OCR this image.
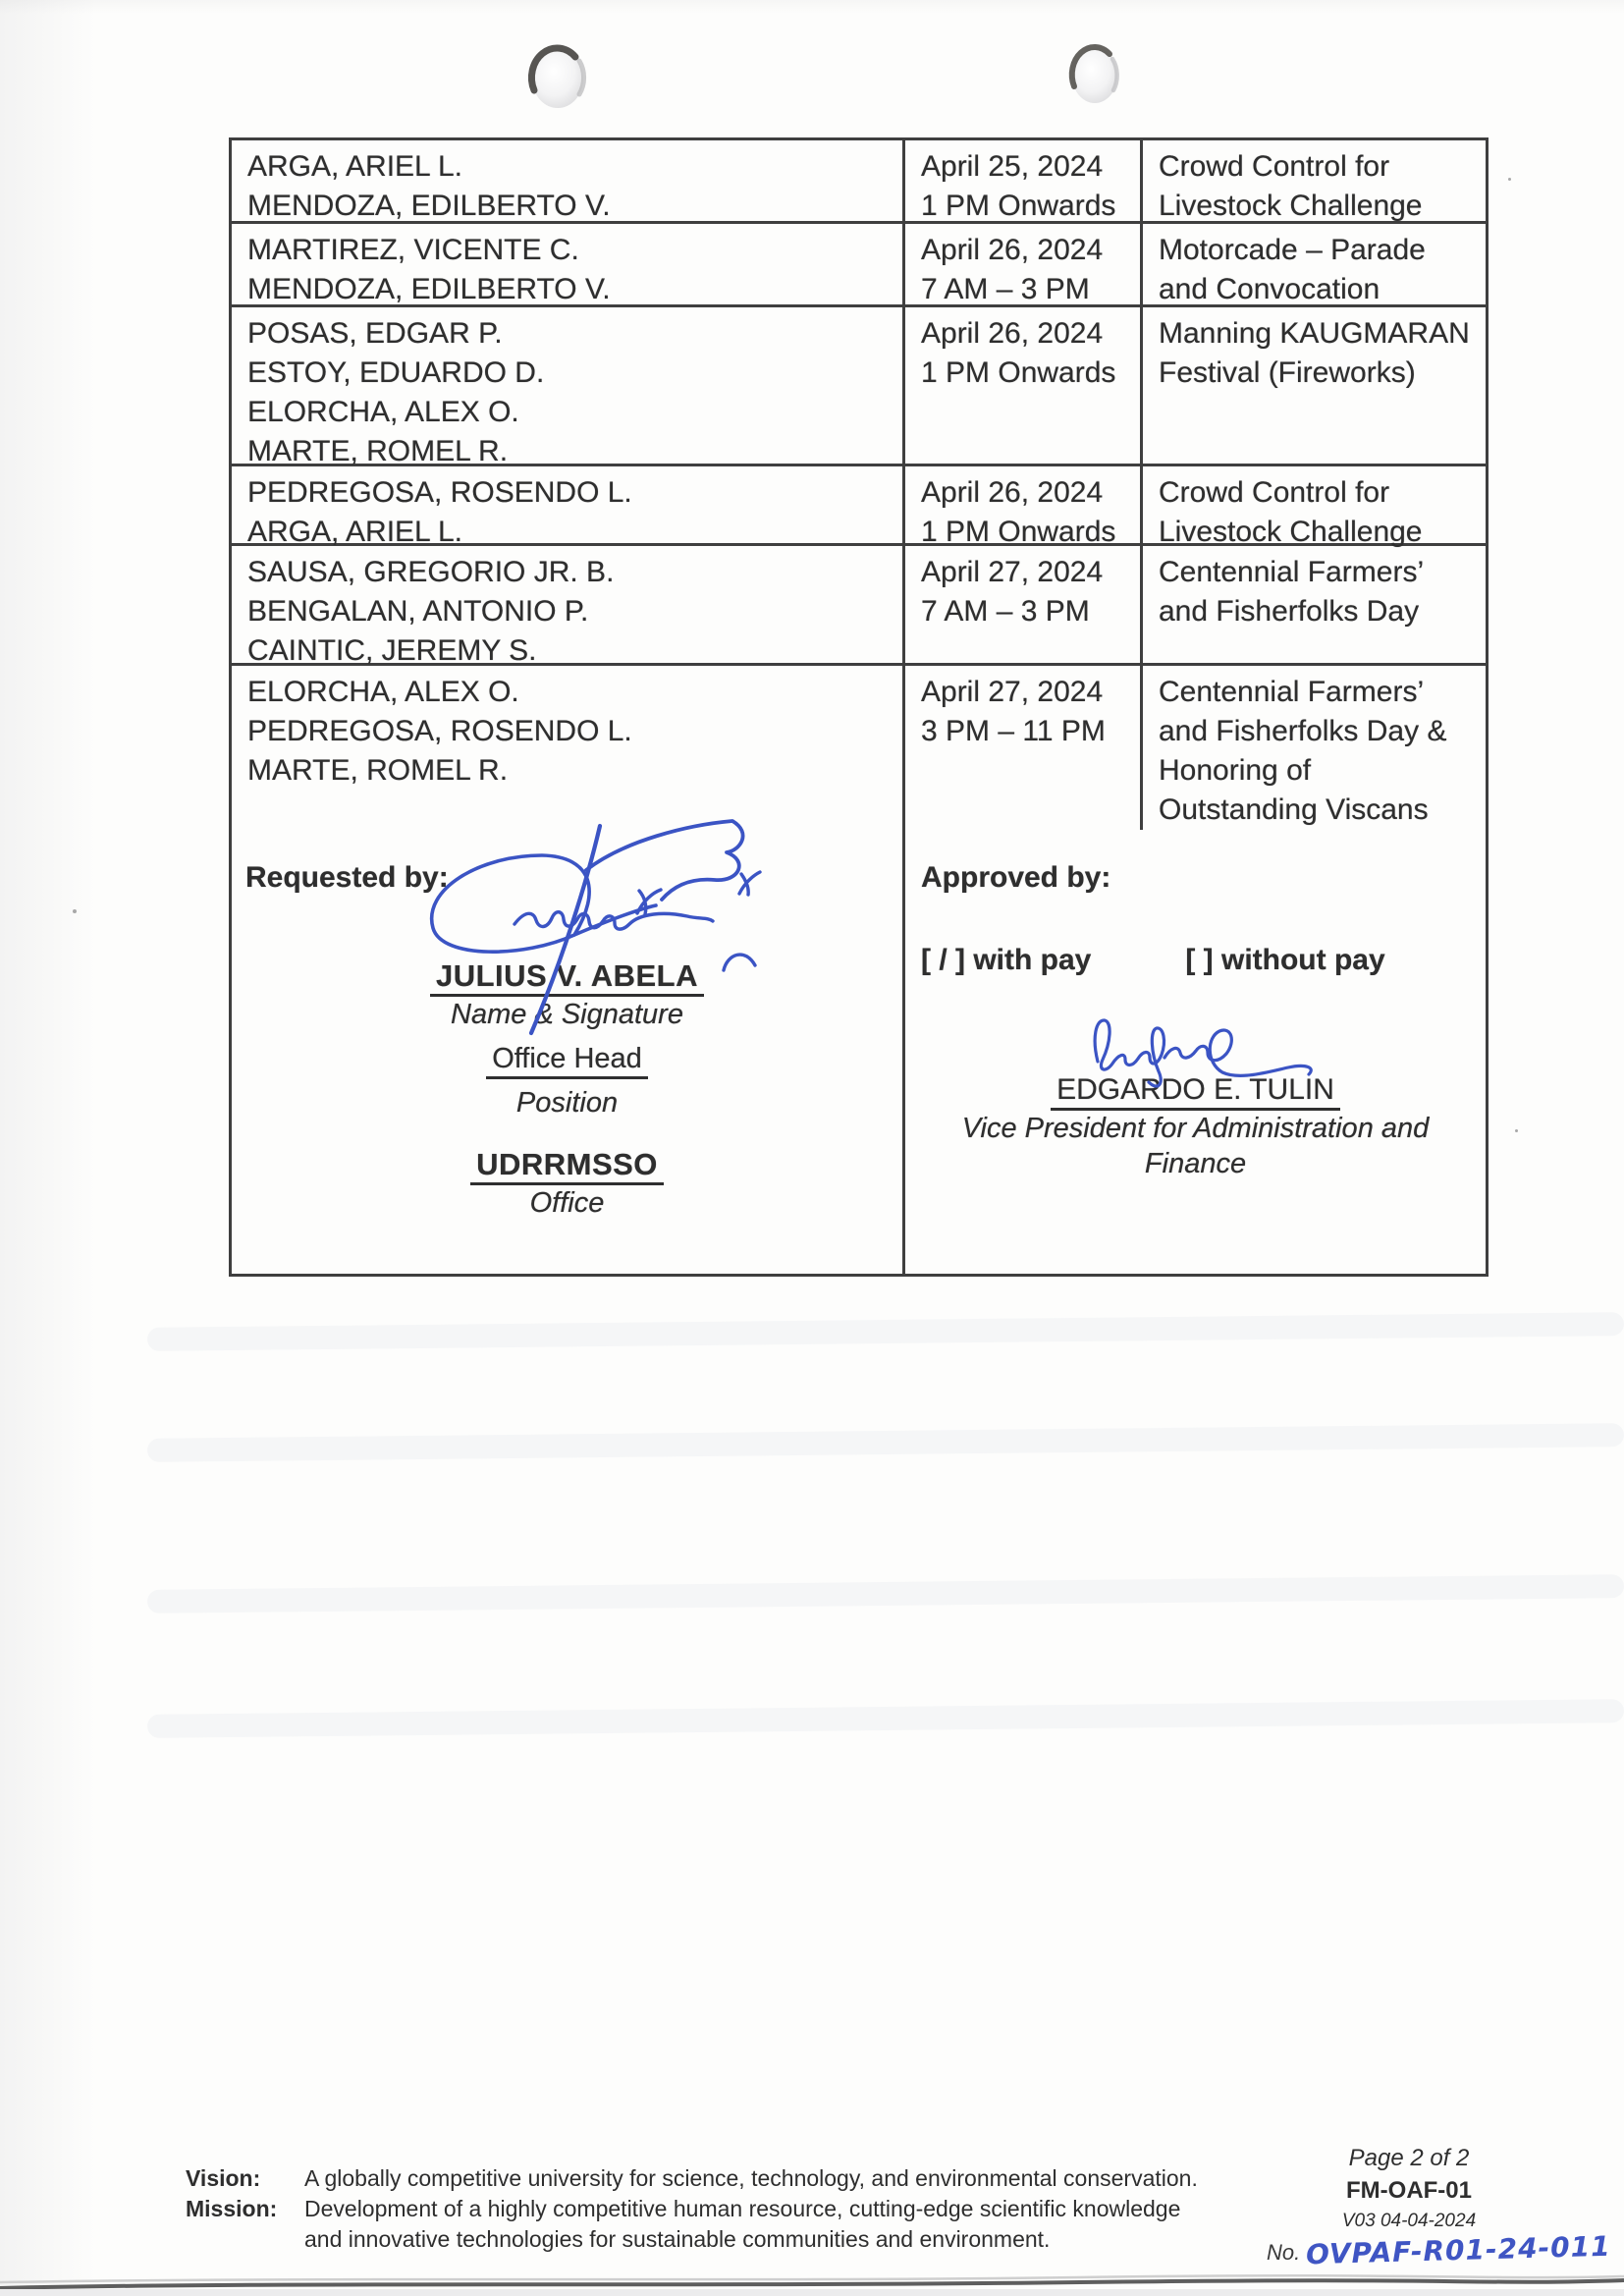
ARGA, ARIEL L.
MENDOZA, EDILBERTO V.
April 25, 2024
1 PM Onwards
Crowd Control for
Livestock Challenge
MARTIREZ, VICENTE C.
MENDOZA, EDILBERTO V.
April 26, 2024
7 AM – 3 PM
Motorcade – Parade
and Convocation
POSAS, EDGAR P.
ESTOY, EDUARDO D.
ELORCHA, ALEX O.
MARTE, ROMEL R.
April 26, 2024
1 PM Onwards
Manning KAUGMARAN
Festival (Fireworks)
PEDREGOSA, ROSENDO L.
ARGA, ARIEL L.
April 26, 2024
1 PM Onwards
Crowd Control for
Livestock Challenge
SAUSA, GREGORIO JR. B.
BENGALAN, ANTONIO P.
CAINTIC, JEREMY S.
April 27, 2024
7 AM – 3 PM
Centennial Farmers’
and Fisherfolks Day
ELORCHA, ALEX O.
PEDREGOSA, ROSENDO L.
MARTE, ROMEL R.
April 27, 2024
3 PM – 11 PM
Centennial Farmers’
and Fisherfolks Day &
Honoring of
Outstanding Viscans
Requested by:
JULIUS V. ABELA
Name & Signature
Office Head
Position
UDRRMSSO
Office
Approved by:
[ / ] with pay	[ ] without pay
EDGARDO E. TULIN
Vice President for Administration and
Finance
Vision: A globally competitive university for science, technology, and environmental conservation.
Mission: Development of a highly competitive human resource, cutting-edge scientific knowledge
and innovative technologies for sustainable communities and environment.
Page 2 of 2
FM-OAF-01
V03 04-04-2024
No. OVPAF-R01-24-011
